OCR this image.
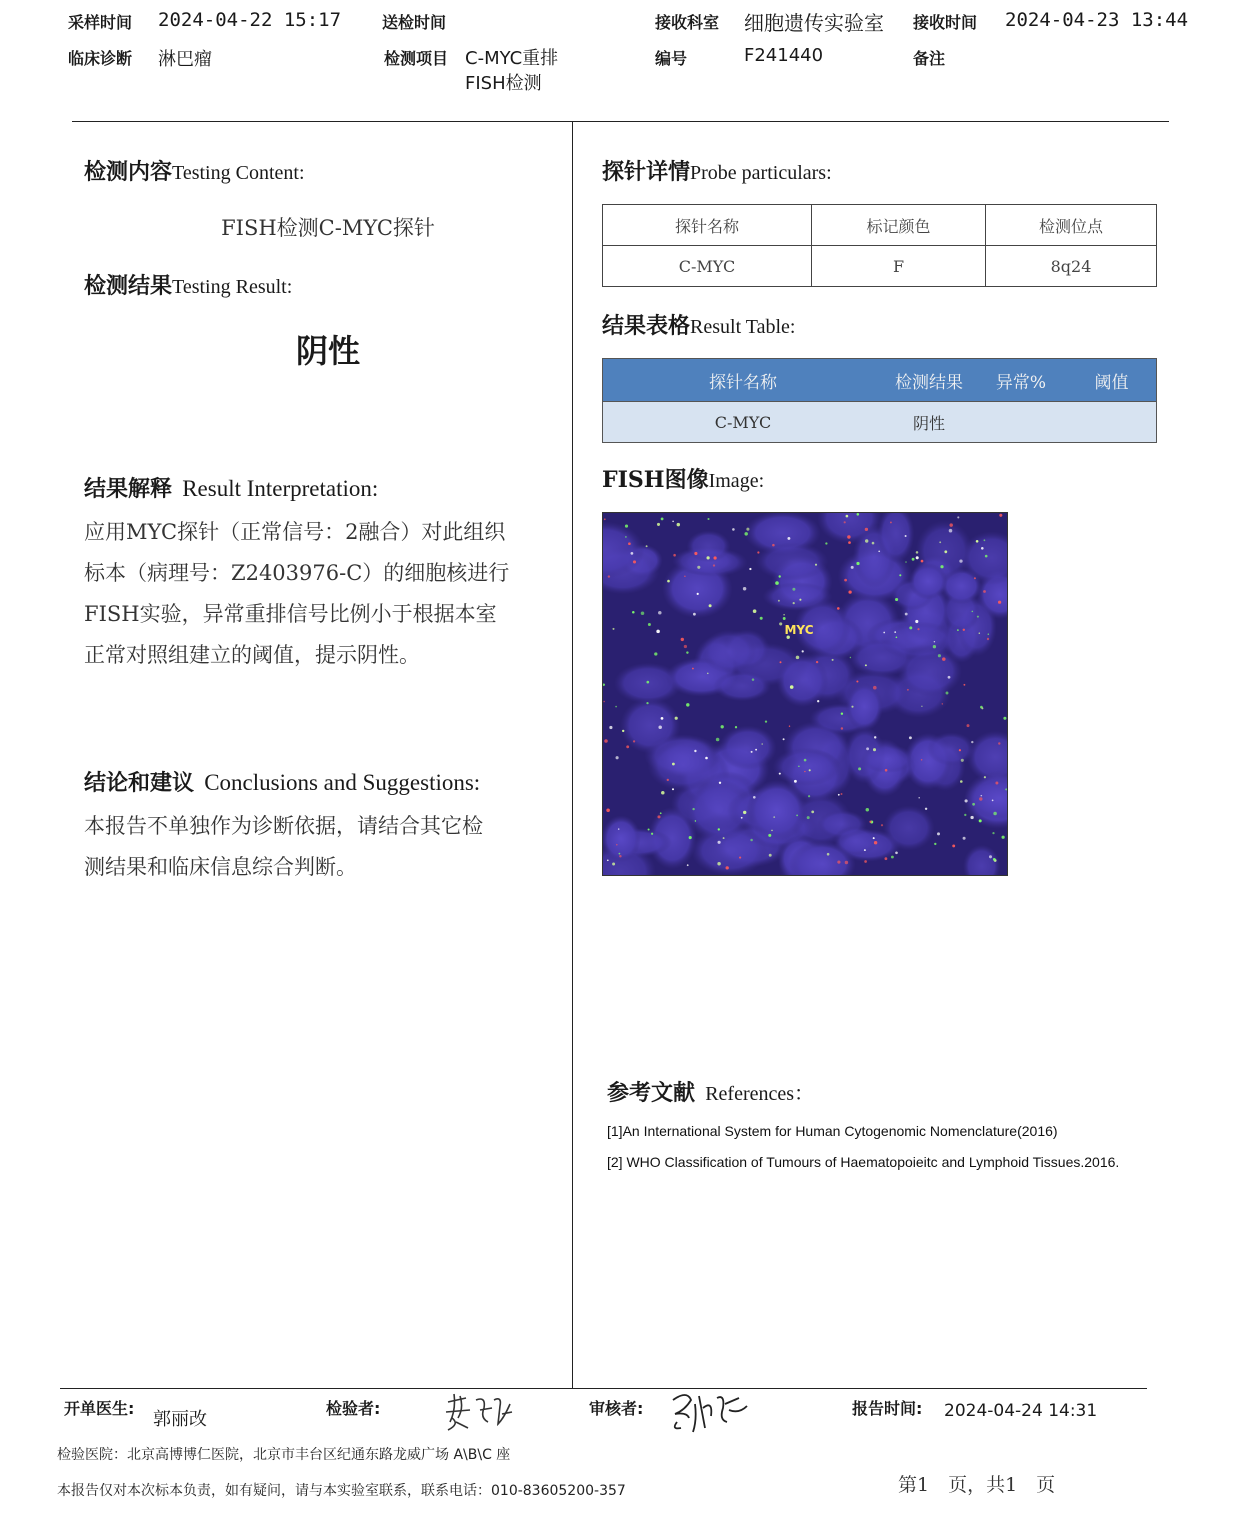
采样时间 2024-04-22 15:17	送检时间	接收科室 细胞遗传实验室 接收时间 2024-04-23 13:44
临床诊断 淋巴瘤	检测项目 C-MYC重排
FISH检测
编号	F241440	备注
检测内容Testing Content:
FISH检测C-MYC探针
检测结果Testing Result:
阴性
结果解释 Result Interpretation:
应用MYC探针（正常信号：2融合）对此组织
标本（病理号：Z2403976-C）的细胞核进行
FISH实验，异常重排信号比例小于根据本室
正常对照组建立的阈值，提示阴性。
结论和建议 Conclusions and Suggestions:
本报告不单独作为诊断依据，请结合其它检
测结果和临床信息综合判断。
探针详情Probe particulars:
探针名称	标记颜色	检测位点
C-MYC	F	8q24
结果表格Result Table:
探针名称	检测结果	异常%	阈值
C-MYC	阴性		
FISH图像Image:
MYC
参考文献 References：
[1]An International System for Human Cytogenomic Nomenclature(2016)
[2] WHO Classification of Tumours of Haematopoieitc and Lymphoid Tissues.2016.
开单医生:
郭丽改
检验者:	审核者:	报告时间: 2024-04-24 14:31
检验医院：北京高博博仁医院，北京市丰台区纪通东路龙威广场 A\B\C 座
本报告仅对本次标本负责，如有疑问，请与本实验室联系，联系电话：010-83605200-357	第1　页，共1　页
